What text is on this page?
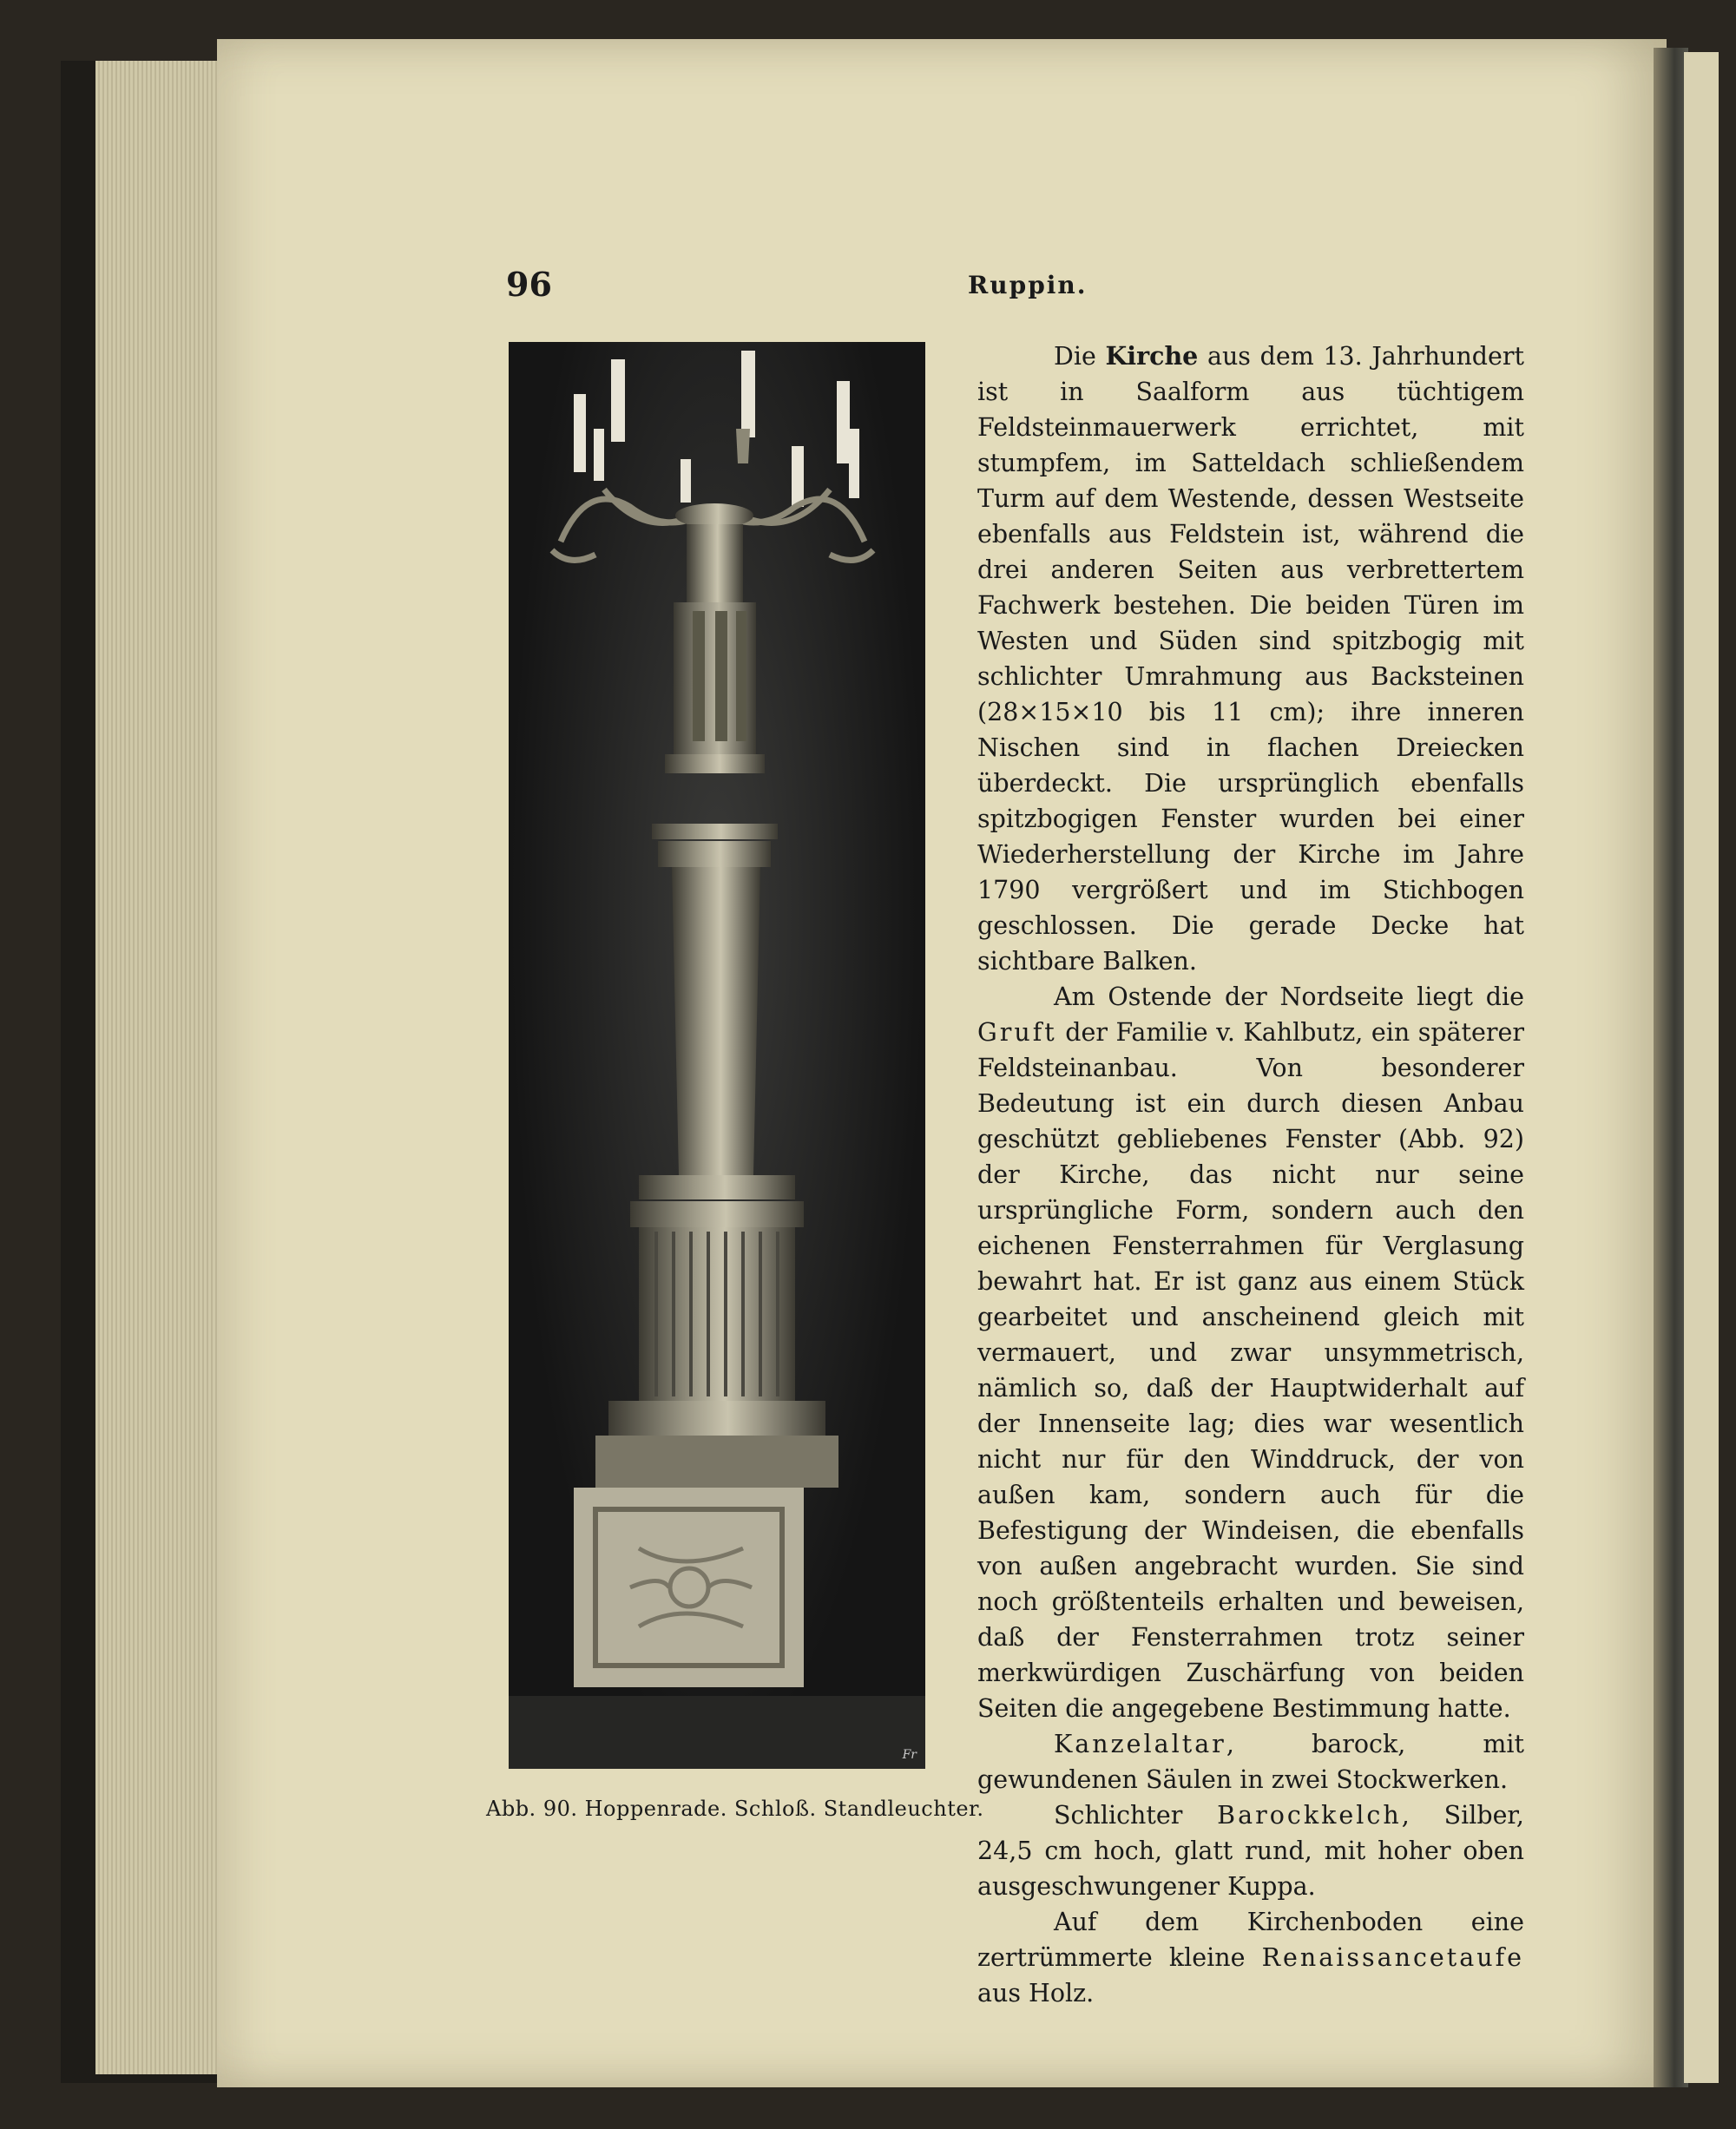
96	Ruppin.
Fr
Abb. 90. Hoppenrade. Schloß. Standleuchter.

Die Kirche aus dem 13. Jahrhundert ist in Saalform aus tüchtigem Feldsteinmauerwerk errichtet, mit stumpfem, im Satteldach schließendem Turm auf dem Westende, dessen Westseite ebenfalls aus Feldstein ist, während die drei anderen Seiten aus verbrettertem Fachwerk bestehen. Die beiden Türen im Westen und Süden sind spitzbogig mit schlichter Umrahmung aus Backsteinen (28×15×10 bis 11 cm); ihre inneren Nischen sind in flachen Dreiecken überdeckt. Die ursprünglich ebenfalls spitzbogigen Fenster wurden bei einer Wiederherstellung der Kirche im Jahre 1790 vergrößert und im Stichbogen geschlossen. Die gerade Decke hat sichtbare Balken.

Am Ostende der Nordseite liegt die Gruft der Familie v. Kahlbutz, ein späterer Feldsteinanbau. Von besonderer Bedeutung ist ein durch diesen Anbau geschützt gebliebenes Fenster (Abb. 92) der Kirche, das nicht nur seine ursprüngliche Form, sondern auch den eichenen Fensterrahmen für Verglasung bewahrt hat. Er ist ganz aus einem Stück gearbeitet und anscheinend gleich mit vermauert, und zwar unsymmetrisch, nämlich so, daß der Hauptwiderhalt auf der Innenseite lag; dies war wesentlich nicht nur für den Winddruck, der von außen kam, sondern auch für die Befestigung der Windeisen, die ebenfalls von außen angebracht wurden. Sie sind noch größtenteils erhalten und beweisen, daß der Fensterrahmen trotz seiner merkwürdigen Zuschärfung von beiden Seiten die angegebene Bestimmung hatte.

Kanzelaltar, barock, mit gewundenen Säulen in zwei Stockwerken.

Schlichter Barockkelch, Silber, 24,5 cm hoch, glatt rund, mit hoher oben ausgeschwungener Kuppa.

Auf dem Kirchenboden eine zertrümmerte kleine Renaissancetaufe aus Holz.
